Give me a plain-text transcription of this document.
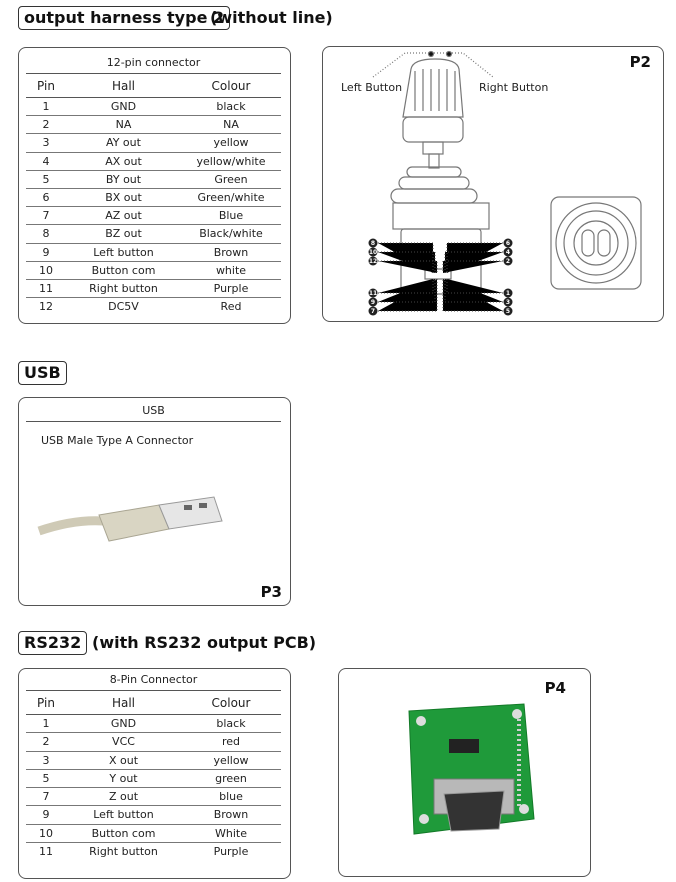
output harness type 2
(without line)
12-pin connector
Pin	Hall	Colour
1	GND	black
2	NA	NA
3	AY out	yellow
4	AX out	yellow/white
5	BY out	Green
6	BX out	Green/white
7	AZ out	Blue
8	BZ out	Black/white
9	Left button	Brown
10	Button com	white
11	Right button	Purple
12	DC5V	Red
P2
Left Button	Right Button
8
10
12
11
9
7
6
4
2
1
3
5
USB
USB
USB Male Type A Connector
P3
RS232 (with RS232 output PCB)
8-Pin Connector
Pin	Hall	Colour
1	GND	black
2	VCC	red
3	X out	yellow
5	Y out	green
7	Z out	blue
9	Left button	Brown
10	Button com	White
11	Right button	Purple
P4
